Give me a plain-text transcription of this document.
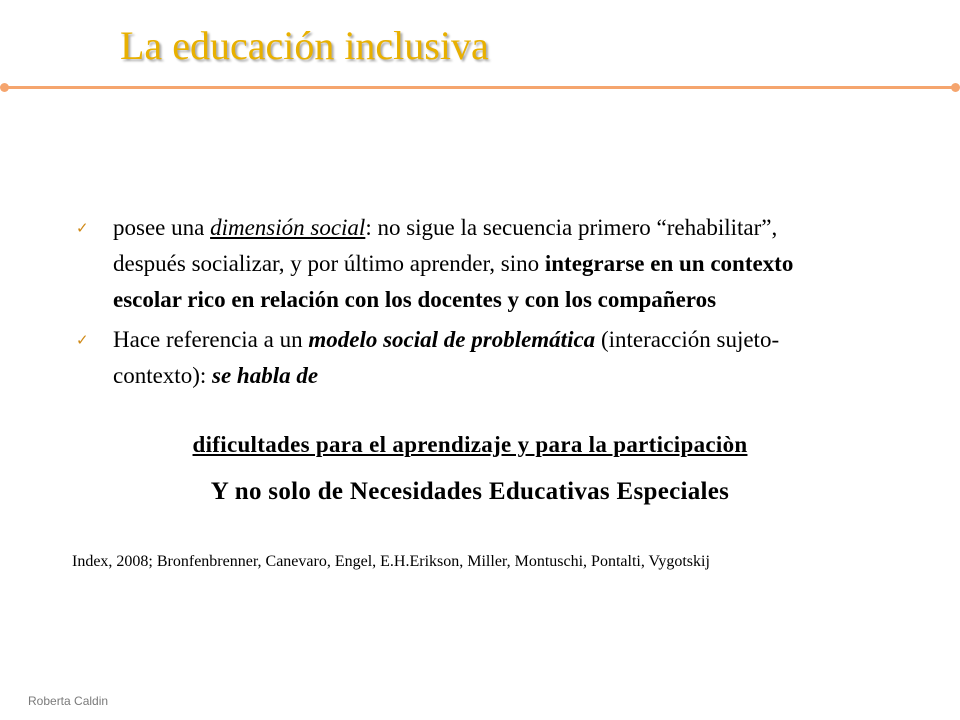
La educación inclusiva
✓ posee una dimensión social: no sigue la secuencia primero “rehabilitar”, después socializar, y por último aprender, sino integrarse en un contexto escolar rico en relación con los docentes y con los compañeros
✓ Hace referencia a un modelo social de problemática (interacción sujeto-contexto): se habla de
dificultades para el aprendizaje y para la participaciòn
Y no solo de Necesidades Educativas Especiales
Index, 2008; Bronfenbrenner, Canevaro, Engel, E.H.Erikson, Miller, Montuschi, Pontalti, Vygotskij
Roberta Caldin
